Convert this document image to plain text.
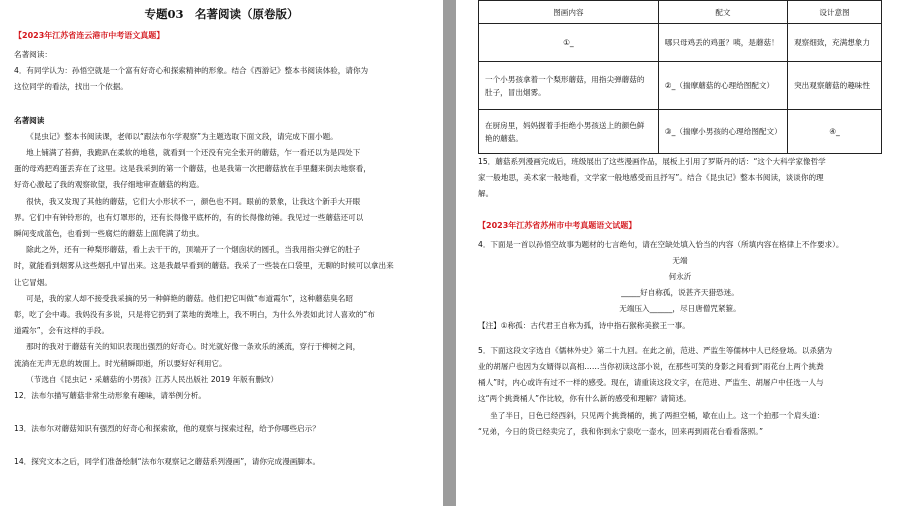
专题03　名著阅读（原卷版）
【2023年江苏省连云港市中考语文真题】
名著阅读：
4．有同学认为：孙悟空就是一个富有好奇心和探索精神的形象。结合《西游记》整本书阅读体验，请你为
这位同学的看法，找出一个依据。
名著阅读
《昆虫记》整本书阅读课，老师以“跟法布尔学观察”为主题选取下面文段，请完成下面小题。
地上铺满了苔藓，我跪趴在柔软的地毯，就看到一个还没有完全张开的蘑菇，乍一看还以为是四处下
蛋的母鸡把鸡蛋丢弃在了这里。这是我采到的第一个蘑菇，也是我第一次把蘑菇放在手里翻来倒去地察看，
好奇心激起了我的观察欲望，我仔细地审查蘑菇的构造。
很快，我又发现了其他的蘑菇，它们大小形状不一，颜色也不同。眼前的景象，让我这个新手大开眼
界。它们中有钟铃形的，也有灯罩形的，还有长得像平底杯的，有的长得像纺锤。我见过一些蘑菇还可以
瞬间变成蓝色，也看到一些腐烂的蘑菇上面爬满了幼虫。
除此之外，还有一种梨形蘑菇，看上去干干的，顶端开了一个烟囱状的圆孔，当我用指尖弹它的肚子
时，就能看到烟雾从这些烟孔中冒出来。这是我最早看到的蘑菇。我采了一些装在口袋里，无聊的时候可以拿出来
让它冒烟。
可是，我的家人却不接受我采摘的另一种鲜艳的蘑菇。他们把它叫做“布道霞尔”，这种蘑菇臭名昭
彰，吃了会中毒。我妈没有多说，只是将它扔到了菜地的粪堆上，我不明白，为什么外表如此讨人喜欢的“布
道霞尔”，会有这样的手段。
那时的我对于蘑菇有关的知识表现出强烈的好奇心。时光就好像一条欢乐的溪流，穿行于柳树之间，
流淌在无声无息的坡面上。时光稍瞬即逝，所以要好好利用它。
（节选自《昆虫记・采蘑菇的小男孩》江苏人民出版社 2019 年版有删改）
12．法布尔描写蘑菇非常生动形象有趣味，请举例分析。
13．法布尔对蘑菇知识有强烈的好奇心和探索欲，他的观察与探索过程，给予你哪些启示？
14．探究文本之后，同学们准备绘制“法布尔观察记之蘑菇系列漫画”，请你完成漫画脚本。
图画内容	配文	设计意图
①_	哪只母鸡丢的鸡蛋？咦，是蘑菇！	观察细致，充满想象力
一个小男孩拿着一个梨形蘑菇，用指尖弹蘑菇的肚子，冒出烟雾。	②_（揣摩蘑菇的心理给图配文）	突出观察蘑菇的趣味性
在厨房里，妈妈握着手拒绝小男孩送上的颜色鲜艳的蘑菇。	③_（揣摩小男孩的心理给图配文）	④_
15．蘑菇系列漫画完成后，班级展出了这些漫画作品，展板上引用了罗斯丹的话：“这个大科学家像哲学
家一般地思，美术家一般地看，文学家一般地感受而且抒写”。结合《昆虫记》整本书阅读，谈谈你的理
解。
【2023年江苏省苏州市中考真题语文试题】
4．下面是一首以孙悟空故事为题材的七言绝句，请在空缺处填入恰当的内容（所填内容在格律上不作要求）。
无端
何永沂
_____好自称孤，说甚齐天猎恐迷。
无端压入______，尽日唐僧咒紧箍。
【注】①称孤：古代君王自称为孤，诗中指石猴称美猴王一事。
5．下面这段文字选自《儒林外史》第二十九回。在此之前，范进、严监生等儒林中人已经登场。以杀猪为
业的胡屠户也因为女婿得以高相……当你初读这部小说，在那些可笑的身影之间看到“雨花台上两个挑粪
桶人”时，内心或许有过不一样的感受。现在，请重读这段文字，在范进、严监生、胡屠户中任选一人与
这“两个挑粪桶人”作比较，你有什么新的感受和理解？请简述。
坐了半日，日色已经西斜，只见两个挑粪桶的，挑了两担空桶，歇在山上。这一个拍那一个肩头道：
“兄弟，今日的货已经卖完了，我和你到永宁泉吃一壶水，回来再到雨花台看看落照。”
